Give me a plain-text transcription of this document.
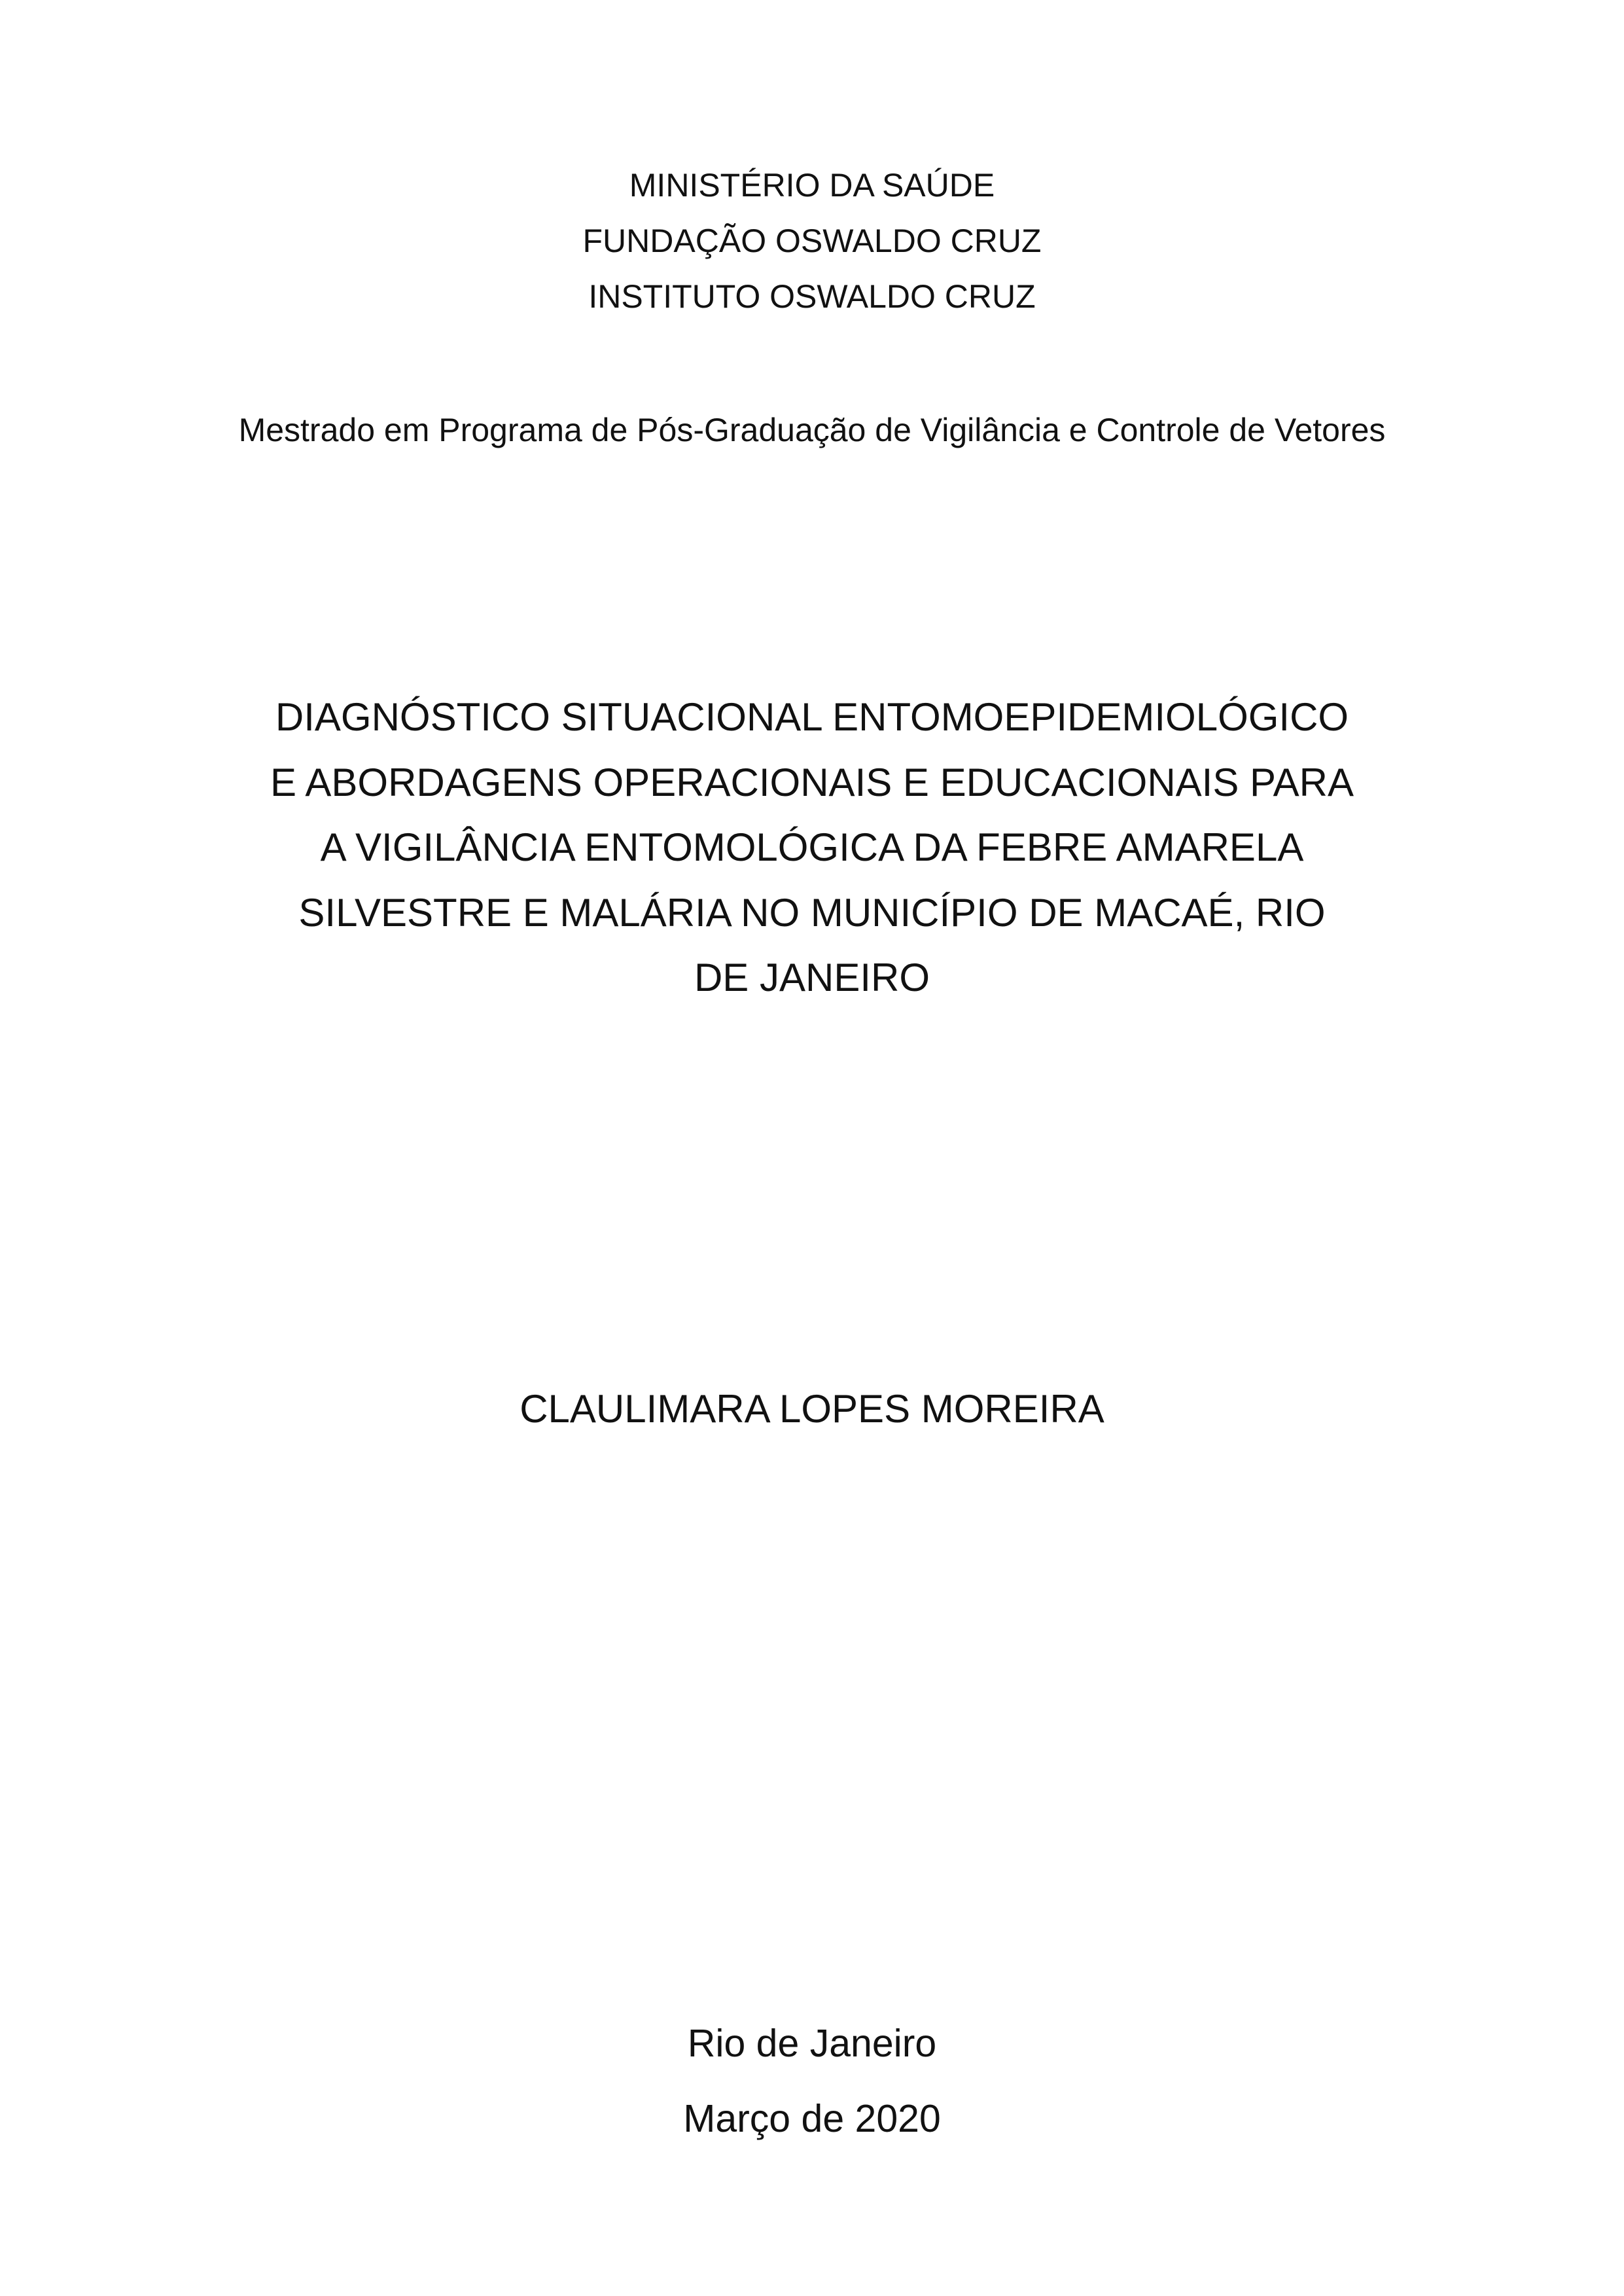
MINISTÉRIO DA SAÚDE
FUNDAÇÃO OSWALDO CRUZ
INSTITUTO OSWALDO CRUZ
Mestrado em Programa de Pós-Graduação de Vigilância e Controle de Vetores
DIAGNÓSTICO SITUACIONAL ENTOMOEPIDEMIOLÓGICO
E ABORDAGENS OPERACIONAIS E EDUCACIONAIS PARA
A VIGILÂNCIA ENTOMOLÓGICA DA FEBRE AMARELA
SILVESTRE E MALÁRIA NO MUNICÍPIO DE MACAÉ, RIO
DE JANEIRO
CLAULIMARA LOPES MOREIRA
Rio de Janeiro
Março de 2020
